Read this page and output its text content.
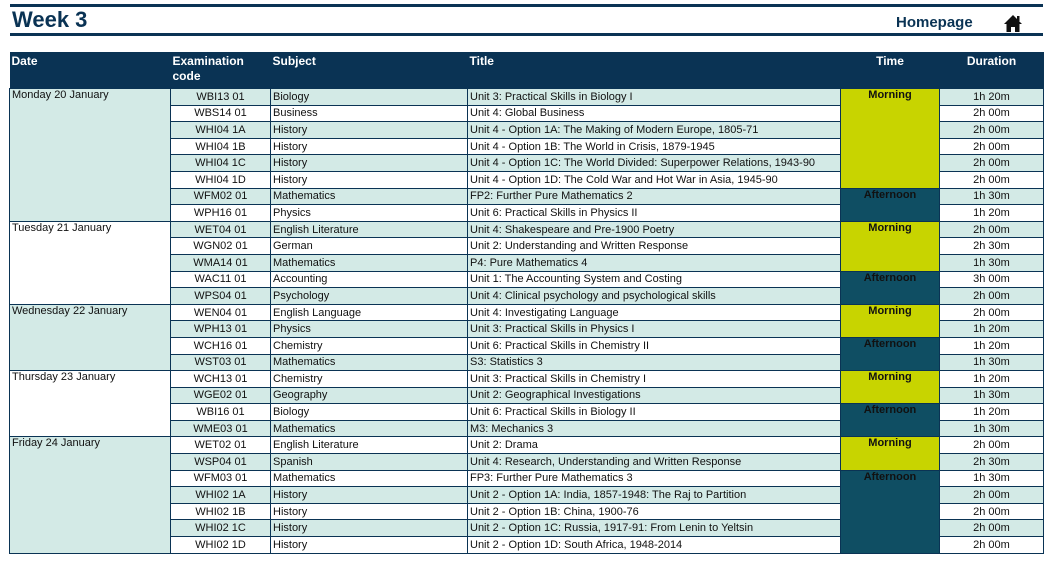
Week 3	Homepage
Date	Examination code	Subject	Title	Time	Duration
Monday 20 January	WBI13 01	Biology	Unit 3: Practical Skills in Biology I	Morning	1h 20m
	WBS14 01	Business	Unit 4: Global Business		2h 00m
	WHI04 1A	History	Unit 4 - Option 1A: The Making of Modern Europe, 1805-71		2h 00m
	WHI04 1B	History	Unit 4 - Option 1B: The World in Crisis, 1879-1945		2h 00m
	WHI04 1C	History	Unit 4 - Option 1C: The World Divided: Superpower Relations, 1943-90		2h 00m
	WHI04 1D	History	Unit 4 - Option 1D: The Cold War and Hot War in Asia, 1945-90		2h 00m
	WFM02 01	Mathematics	FP2: Further Pure Mathematics 2	Afternoon	1h 30m
	WPH16 01	Physics	Unit 6: Practical Skills in Physics II		1h 20m
Tuesday 21 January	WET04 01	English Literature	Unit 4: Shakespeare and Pre-1900 Poetry	Morning	2h 00m
	WGN02 01	German	Unit 2: Understanding and Written Response		2h 30m
	WMA14 01	Mathematics	P4: Pure Mathematics 4		1h 30m
	WAC11 01	Accounting	Unit 1: The Accounting System and Costing	Afternoon	3h 00m
	WPS04 01	Psychology	Unit 4: Clinical psychology and psychological skills		2h 00m
Wednesday 22 January	WEN04 01	English Language	Unit 4: Investigating Language	Morning	2h 00m
	WPH13 01	Physics	Unit 3: Practical Skills in Physics I		1h 20m
	WCH16 01	Chemistry	Unit 6: Practical Skills in Chemistry II	Afternoon	1h 20m
	WST03 01	Mathematics	S3: Statistics 3		1h 30m
Thursday 23 January	WCH13 01	Chemistry	Unit 3: Practical Skills in Chemistry I	Morning	1h 20m
	WGE02 01	Geography	Unit 2: Geographical Investigations		1h 30m
	WBI16 01	Biology	Unit 6: Practical Skills in Biology II	Afternoon	1h 20m
	WME03 01	Mathematics	M3: Mechanics 3		1h 30m
Friday 24 January	WET02 01	English Literature	Unit 2: Drama	Morning	2h 00m
	WSP04 01	Spanish	Unit 4: Research, Understanding and Written Response		2h 30m
	WFM03 01	Mathematics	FP3: Further Pure Mathematics 3	Afternoon	1h 30m
	WHI02 1A	History	Unit 2 - Option 1A: India, 1857-1948: The Raj to Partition		2h 00m
	WHI02 1B	History	Unit 2 - Option 1B: China, 1900-76		2h 00m
	WHI02 1C	History	Unit 2 - Option 1C: Russia, 1917-91: From Lenin to Yeltsin		2h 00m
	WHI02 1D	History	Unit 2 - Option 1D: South Africa, 1948-2014		2h 00m
